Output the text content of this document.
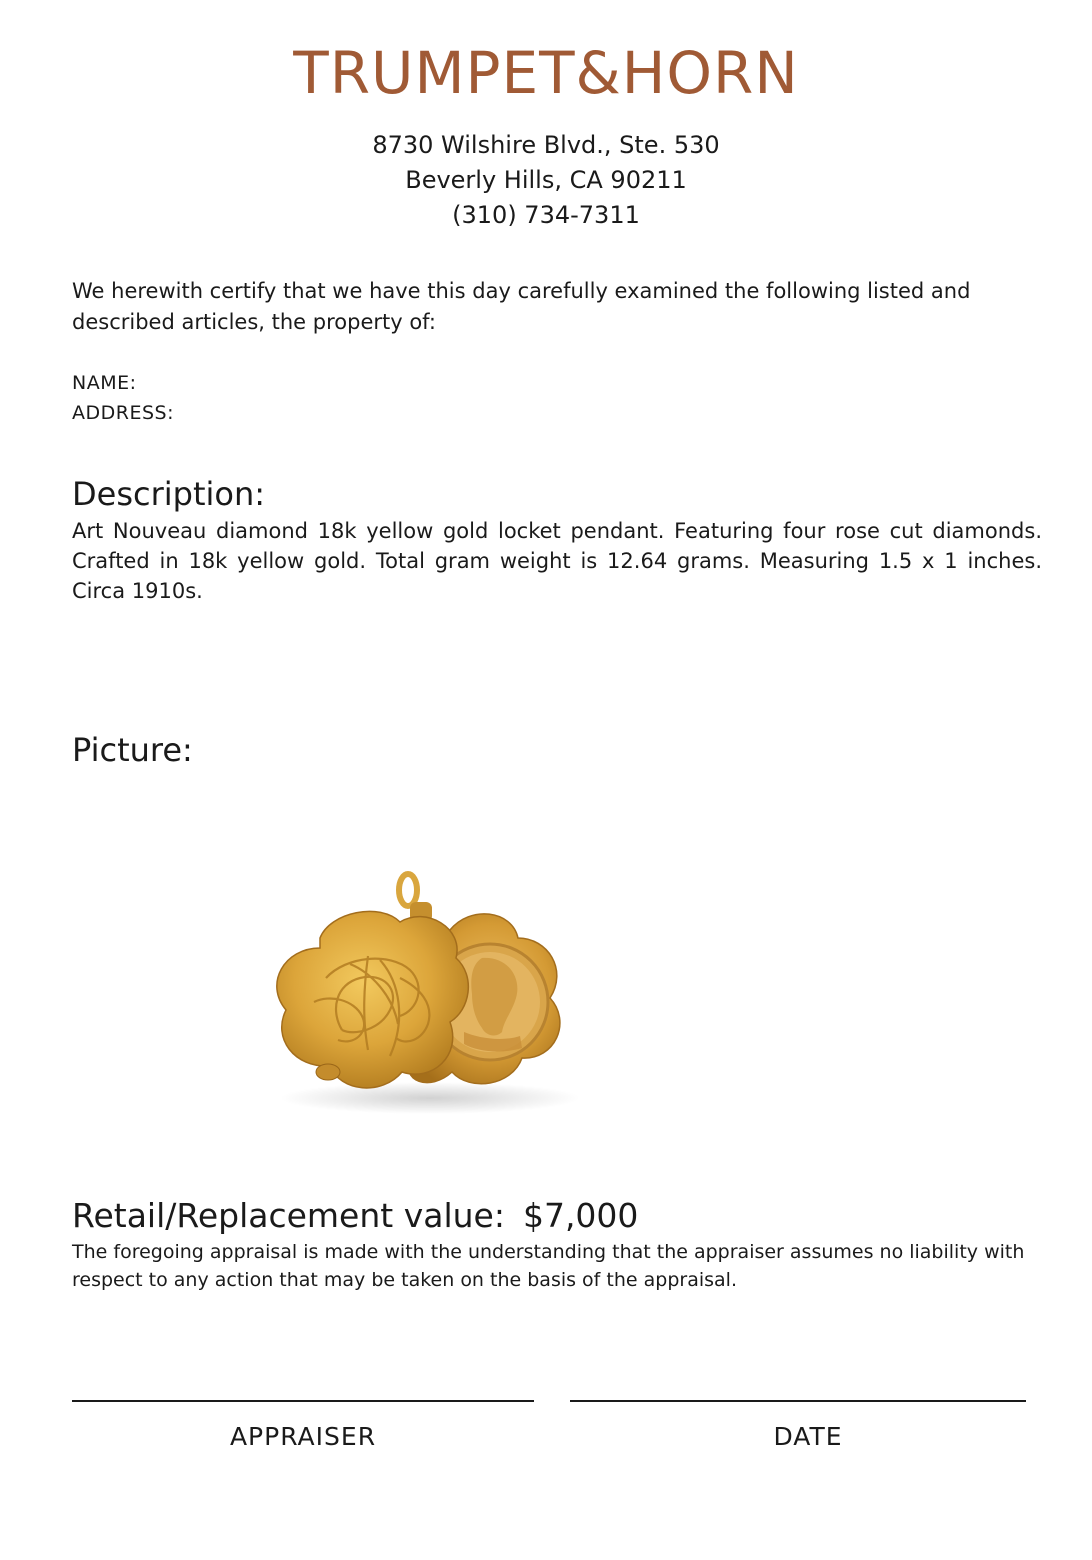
TRUMPET&HORN
8730 Wilshire Blvd., Ste. 530
Beverly Hills, CA 90211
(310) 734-7311
We herewith certify that we have this day carefully examined the following listed and described articles, the property of:
NAME:
ADDRESS:
Description:
Art Nouveau diamond 18k yellow gold locket pendant. Featuring four rose cut diamonds. Crafted in 18k yellow gold. Total gram weight is 12.64 grams. Measuring 1.5 x 1 inches. Circa 1910s.
Picture:
Retail/Replacement value: $7,000
The foregoing appraisal is made with the understanding that the appraiser assumes no liability with respect to any action that may be taken on the basis of the appraisal.
APPRAISER	DATE
